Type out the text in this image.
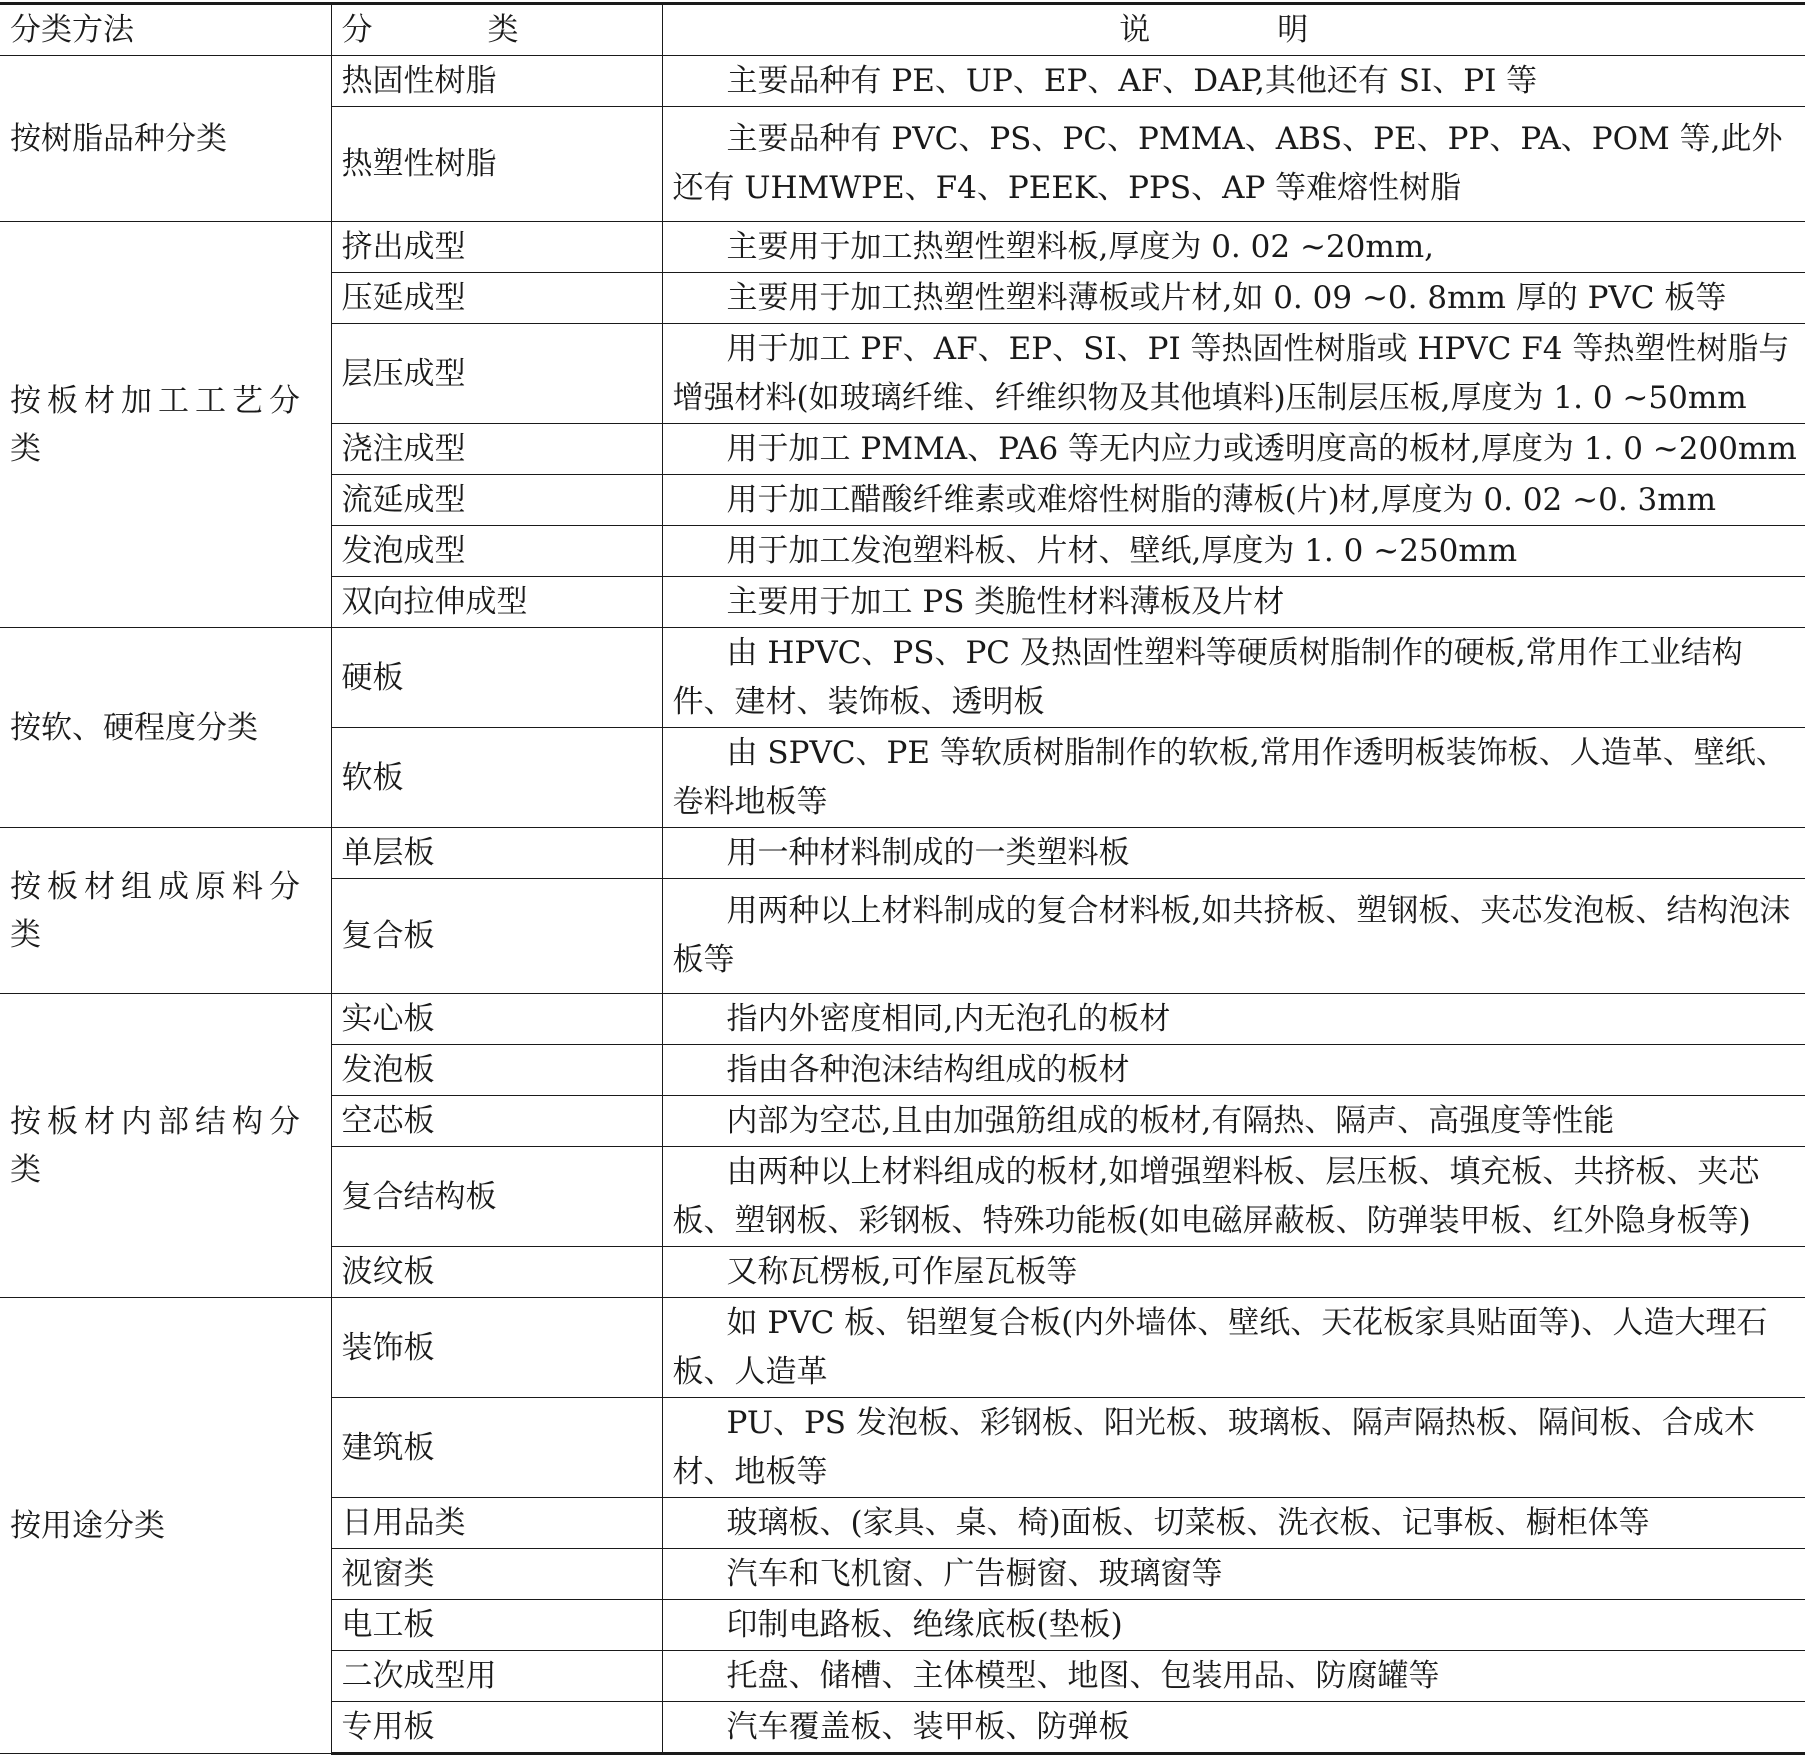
分类方法	分　类	说　明
按树脂品种分类	热固性树脂	主要品种有 PE、UP、EP、AF、DAP,其他还有 SI、PI 等
	热塑性树脂	主要品种有 PVC、PS、PC、PMMA、ABS、PE、PP、PA、POM 等,此外还有 UHMWPE、F4、PEEK、PPS、AP 等难熔性树脂
按板材加工工艺分类	挤出成型	主要用于加工热塑性塑料板,厚度为 0. 02 ~20mm,
	压延成型	主要用于加工热塑性塑料薄板或片材,如 0. 09 ~0. 8mm 厚的 PVC 板等
	层压成型	用于加工 PF、AF、EP、SI、PI 等热固性树脂或 HPVC F4 等热塑性树脂与增强材料(如玻璃纤维、纤维织物及其他填料)压制层压板,厚度为 1. 0 ~50mm
	浇注成型	用于加工 PMMA、PA6 等无内应力或透明度高的板材,厚度为 1. 0 ~200mm
	流延成型	用于加工醋酸纤维素或难熔性树脂的薄板(片)材,厚度为 0. 02 ~0. 3mm
	发泡成型	用于加工发泡塑料板、片材、壁纸,厚度为 1. 0 ~250mm
	双向拉伸成型	主要用于加工 PS 类脆性材料薄板及片材
按软、硬程度分类	硬板	由 HPVC、PS、PC 及热固性塑料等硬质树脂制作的硬板,常用作工业结构件、建材、装饰板、透明板
	软板	由 SPVC、PE 等软质树脂制作的软板,常用作透明板装饰板、人造革、壁纸、卷料地板等
按板材组成原料分类	单层板	用一种材料制成的一类塑料板
	复合板	用两种以上材料制成的复合材料板,如共挤板、塑钢板、夹芯发泡板、结构泡沫板等
按板材内部结构分类	实心板	指内外密度相同,内无泡孔的板材
	发泡板	指由各种泡沫结构组成的板材
	空芯板	内部为空芯,且由加强筋组成的板材,有隔热、隔声、高强度等性能
	复合结构板	由两种以上材料组成的板材,如增强塑料板、层压板、填充板、共挤板、夹芯板、塑钢板、彩钢板、特殊功能板(如电磁屏蔽板、防弹装甲板、红外隐身板等)
	波纹板	又称瓦楞板,可作屋瓦板等
按用途分类	装饰板	如 PVC 板、铝塑复合板(内外墙体、壁纸、天花板家具贴面等)、人造大理石板、人造革
	建筑板	PU、PS 发泡板、彩钢板、阳光板、玻璃板、隔声隔热板、隔间板、合成木材、地板等
	日用品类	玻璃板、(家具、桌、椅)面板、切菜板、洗衣板、记事板、橱柜体等
	视窗类	汽车和飞机窗、广告橱窗、玻璃窗等
	电工板	印制电路板、绝缘底板(垫板)
	二次成型用	托盘、储槽、主体模型、地图、包装用品、防腐罐等
	专用板	汽车覆盖板、装甲板、防弹板
